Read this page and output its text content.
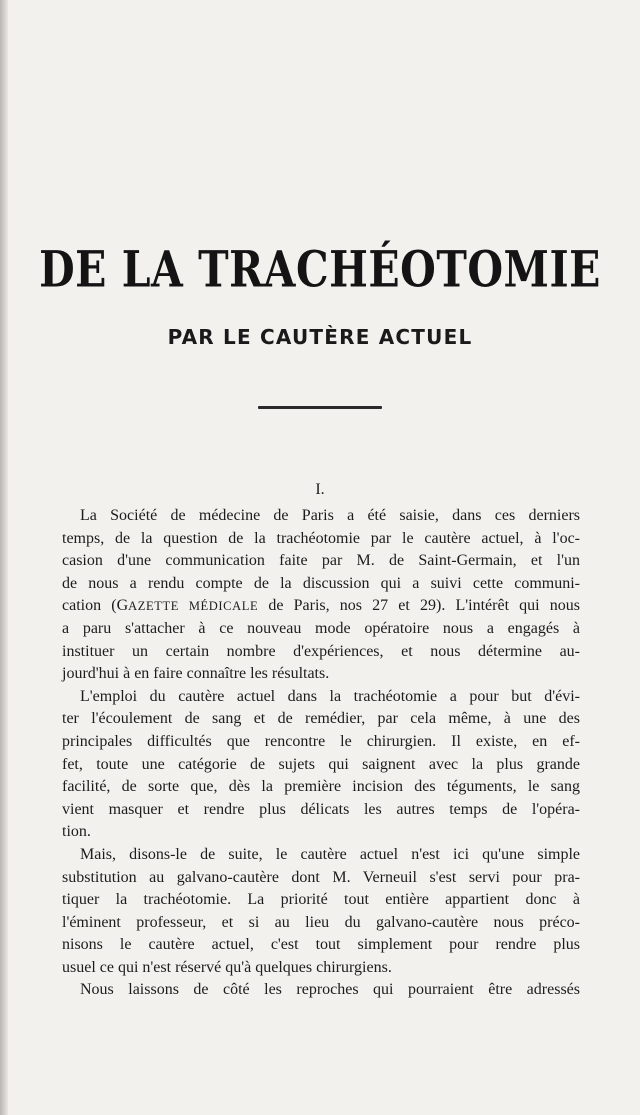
DE LA TRACHÉOTOMIE
PAR LE CAUTÈRE ACTUEL
I.
La Société de médecine de Paris a été saisie, dans ces derniers
temps, de la question de la trachéotomie par le cautère actuel, à l'oc-
casion d'une communication faite par M. de Saint-Germain, et l'un
de nous a rendu compte de la discussion qui a suivi cette communi-
cation (GAZETTE MÉDICALE de Paris, nos 27 et 29). L'intérêt qui nous
a paru s'attacher à ce nouveau mode opératoire nous a engagés à
instituer un certain nombre d'expériences, et nous détermine au-
jourd'hui à en faire connaître les résultats.
L'emploi du cautère actuel dans la trachéotomie a pour but d'évi-
ter l'écoulement de sang et de remédier, par cela même, à une des
principales difficultés que rencontre le chirurgien. Il existe, en ef-
fet, toute une catégorie de sujets qui saignent avec la plus grande
facilité, de sorte que, dès la première incision des téguments, le sang
vient masquer et rendre plus délicats les autres temps de l'opéra-
tion.
Mais, disons-le de suite, le cautère actuel n'est ici qu'une simple
substitution au galvano-cautère dont M. Verneuil s'est servi pour pra-
tiquer la trachéotomie. La priorité tout entière appartient donc à
l'éminent professeur, et si au lieu du galvano-cautère nous préco-
nisons le cautère actuel, c'est tout simplement pour rendre plus
usuel ce qui n'est réservé qu'à quelques chirurgiens.
Nous laissons de côté les reproches qui pourraient être adressés
